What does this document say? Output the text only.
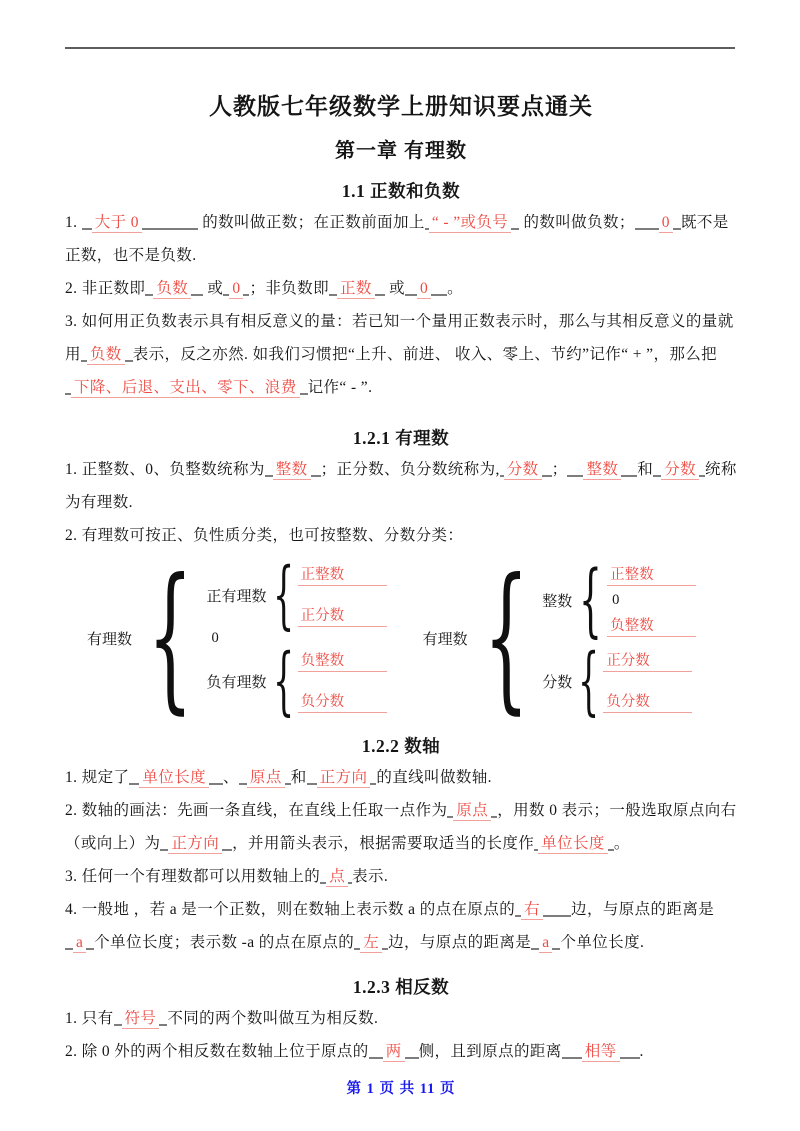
人教版七年级数学上册知识要点通关
第一章 有理数
1.1 正数和负数

1. 大于 0	的数叫做正数；在正数前面加上 “ - ”或负号 的数叫做负数； 0 既不是正数，也不是负数.

2. 非正数即 负数 或 0 ；非负数即 正数 或 0 。

3. 如何用正负数表示具有相反意义的量：若已知一个量用正数表示时，那么与其相反意义的量就用 负数 表示，反之亦然. 如我们习惯把“上升、前进、 收入、零上、节约”记作“ + ”，那么把下降、后退、支出、零下、浪费 记作“ - ”.

1.2.1 有理数

1. 正整数、0、负整数统称为 整数 ；正分数、负分数统称为, 分数 ； 整数 和 分数 统称为有理数.

2. 有理数可按正、负性质分类，也可按整数、分数分类：

有理数 { 正有理数 { 正整数
正分数
0
负有理数 { 负整数
负分数
有理数 { 整数 { 正整数
0
负整数
分数 { 正分数
负分数
1.2.2 数轴

1. 规定了 单位长度 、 原点 和 正方向 的直线叫做数轴.

2. 数轴的画法：先画一条直线，在直线上任取一点作为 原点 ，用数 0 表示；一般选取原点向右（或向上）为 正方向 ，并用箭头表示，根据需要取适当的长度作 单位长度 。

3. 任何一个有理数都可以用数轴上的 点 表示.

4. 一般地 ，若 a 是一个正数，则在数轴上表示数 a 的点在原点的 右 边，与原点的距离是a 个单位长度；表示数 -a 的点在原点的 左 边，与原点的距离是 a 个单位长度.

1.2.3 相反数

1. 只有 符号 不同的两个数叫做互为相反数.

2. 除 0 外的两个相反数在数轴上位于原点的 两 侧，且到原点的距离 相等 .

第 1 页 共 11 页
